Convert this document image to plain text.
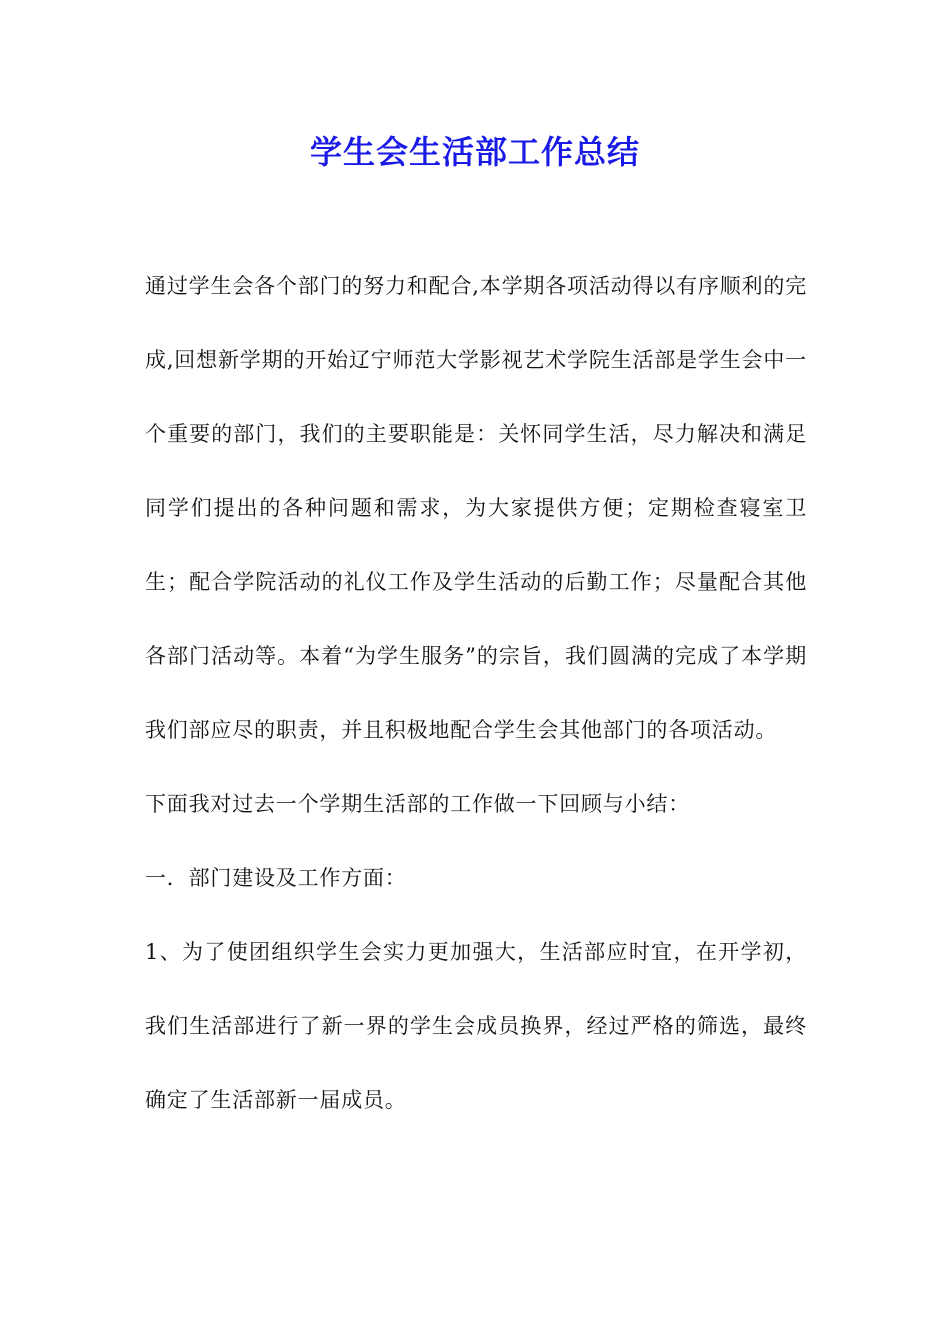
学生会生活部工作总结

通过学生会各个部门的努力和配合,本学期各项活动得以有序顺利的完成,回想新学期的开始辽宁师范大学影视艺术学院生活部是学生会中一个重要的部门，我们的主要职能是：关怀同学生活，尽力解决和满足同学们提出的各种问题和需求，为大家提供方便；定期检查寝室卫生；配合学院活动的礼仪工作及学生活动的后勤工作；尽量配合其他各部门活动等。本着“为学生服务”的宗旨，我们圆满的完成了本学期我们部应尽的职责，并且积极地配合学生会其他部门的各项活动。

下面我对过去一个学期生活部的工作做一下回顾与小结：

一．部门建设及工作方面：

1、为了使团组织学生会实力更加强大，生活部应时宜，在开学初，我们生活部进行了新一界的学生会成员换界，经过严格的筛选，最终确定了生活部新一届成员。
